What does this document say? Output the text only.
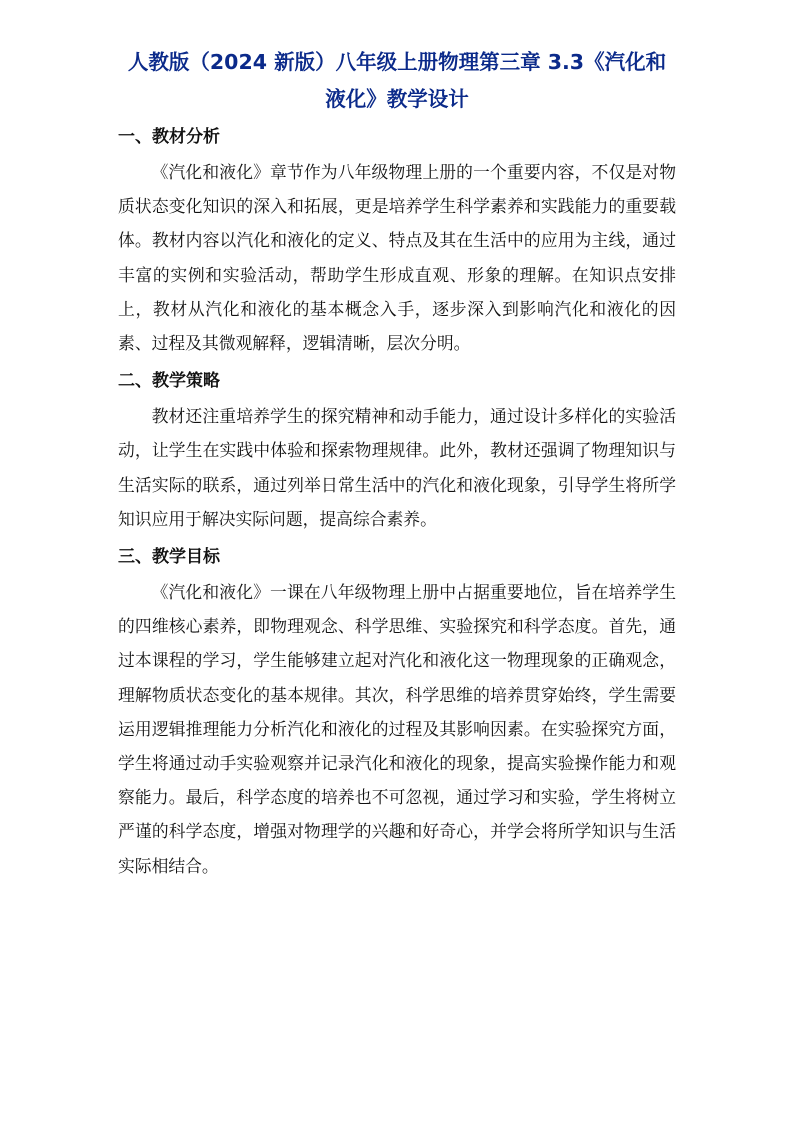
人教版（2024 新版）八年级上册物理第三章 3.3《汽化和液化》教学设计
一、教材分析

《汽化和液化》章节作为八年级物理上册的一个重要内容，不仅是对物质状态变化知识的深入和拓展，更是培养学生科学素养和实践能力的重要载体。教材内容以汽化和液化的定义、特点及其在生活中的应用为主线，通过丰富的实例和实验活动，帮助学生形成直观、形象的理解。在知识点安排上，教材从汽化和液化的基本概念入手，逐步深入到影响汽化和液化的因素、过程及其微观解释，逻辑清晰，层次分明。

二、教学策略

教材还注重培养学生的探究精神和动手能力，通过设计多样化的实验活动，让学生在实践中体验和探索物理规律。此外，教材还强调了物理知识与生活实际的联系，通过列举日常生活中的汽化和液化现象，引导学生将所学知识应用于解决实际问题，提高综合素养。

三、教学目标

《汽化和液化》一课在八年级物理上册中占据重要地位，旨在培养学生的四维核心素养，即物理观念、科学思维、实验探究和科学态度。首先，通过本课程的学习，学生能够建立起对汽化和液化这一物理现象的正确观念，理解物质状态变化的基本规律。其次，科学思维的培养贯穿始终，学生需要运用逻辑推理能力分析汽化和液化的过程及其影响因素。在实验探究方面，学生将通过动手实验观察并记录汽化和液化的现象，提高实验操作能力和观察能力。最后，科学态度的培养也不可忽视，通过学习和实验，学生将树立严谨的科学态度，增强对物理学的兴趣和好奇心，并学会将所学知识与生活实际相结合。
